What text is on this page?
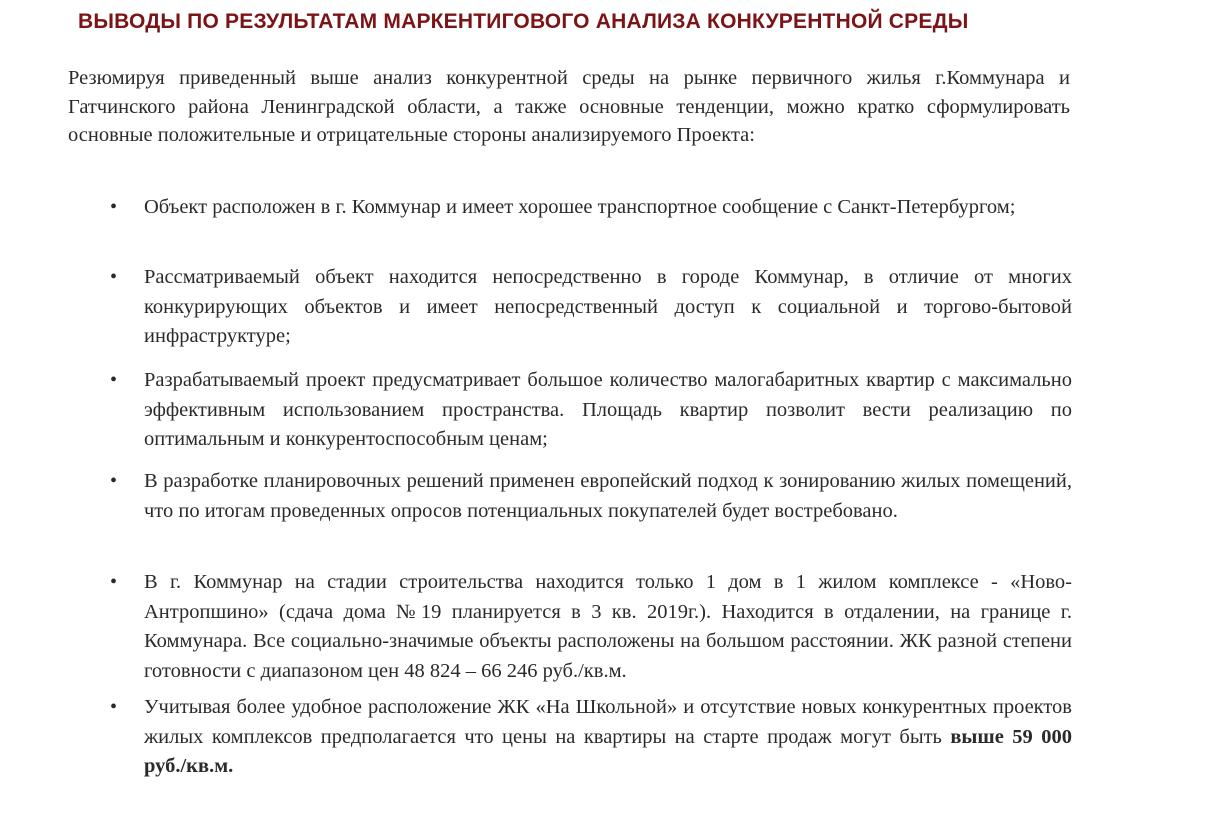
ВЫВОДЫ ПО РЕЗУЛЬТАТАМ МАРКЕНТИГОВОГО АНАЛИЗА КОНКУРЕНТНОЙ СРЕДЫ

Резюмируя приведенный выше анализ конкурентной среды на рынке первичного жилья г.Коммунара и Гатчинского района Ленинградской области, а также основные тенденции, можно кратко сформулировать основные положительные и отрицательные стороны анализируемого Проекта:

• Объект расположен в г. Коммунар и имеет хорошее транспортное сообщение с Санкт-Петербургом;
• Рассматриваемый объект находится непосредственно в городе Коммунар, в отличие от многих конкурирующих объектов и имеет непосредственный доступ к социальной и торгово-бытовой инфраструктуре;
• Разрабатываемый проект предусматривает большое количество малогабаритных квартир с максимально эффективным использованием пространства. Площадь квартир позволит вести реализацию по оптимальным и конкурентоспособным ценам;
• В разработке планировочных решений применен европейский подход к зонированию жилых помещений, что по итогам проведенных опросов потенциальных покупателей будет востребовано.
• В г. Коммунар на стадии строительства находится только 1 дом в 1 жилом комплексе - «Ново-Антропшино» (сдача дома №19 планируется в 3 кв. 2019г.). Находится в отдалении, на границе г. Коммунара. Все социально-значимые объекты расположены на большом расстоянии. ЖК разной степени готовности с диапазоном цен 48 824 – 66 246 руб./кв.м.
• Учитывая более удобное расположение ЖК «На Школьной» и отсутствие новых конкурентных проектов жилых комплексов предполагается что цены на квартиры на старте продаж могут быть выше 59 000 руб./кв.м.
